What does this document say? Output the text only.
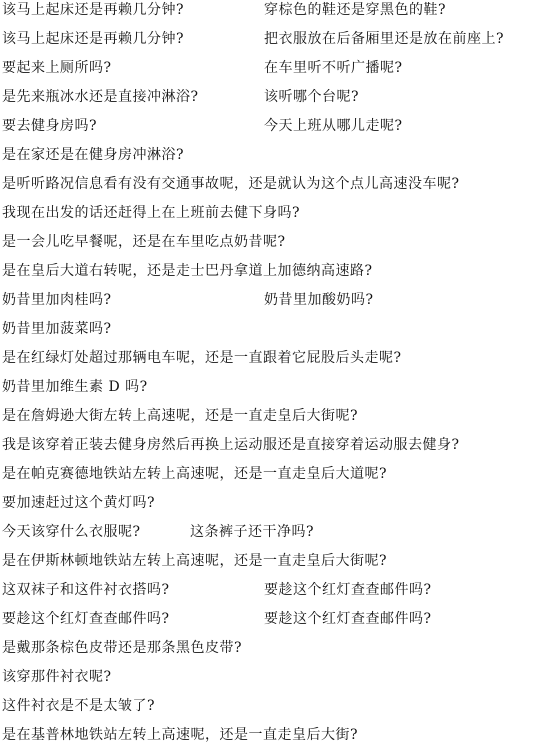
该马上起床还是再赖几分钟?	穿棕色的鞋还是穿黑色的鞋?
该马上起床还是再赖几分钟?	把衣服放在后备厢里还是放在前座上?
要起来上厕所吗?	在车里听不听广播呢?
是先来瓶冰水还是直接冲淋浴?	该听哪个台呢?
要去健身房吗?	今天上班从哪儿走呢?
是在家还是在健身房冲淋浴?
是听听路况信息看有没有交通事故呢，还是就认为这个点儿高速没车呢?
我现在出发的话还赶得上在上班前去健下身吗?
是一会儿吃早餐呢，还是在车里吃点奶昔呢?
是在皇后大道右转呢，还是走士巴丹拿道上加德纳高速路?
奶昔里加肉桂吗?	奶昔里加酸奶吗?
奶昔里加菠菜吗?
是在红绿灯处超过那辆电车呢，还是一直跟着它屁股后头走呢?
奶昔里加维生素 D 吗?
是在詹姆逊大街左转上高速呢，还是一直走皇后大街呢?
我是该穿着正装去健身房然后再换上运动服还是直接穿着运动服去健身?
是在帕克赛德地铁站左转上高速呢，还是一直走皇后大道呢?
要加速赶过这个黄灯吗?
今天该穿什么衣服呢?	这条裤子还干净吗?
是在伊斯林顿地铁站左转上高速呢，还是一直走皇后大街呢?
这双袜子和这件衬衣搭吗?	要趁这个红灯查查邮件吗?
要趁这个红灯查查邮件吗?	要趁这个红灯查查邮件吗?
是戴那条棕色皮带还是那条黑色皮带?
该穿那件衬衣呢?
这件衬衣是不是太皱了?
是在基普林地铁站左转上高速呢，还是一直走皇后大街?
